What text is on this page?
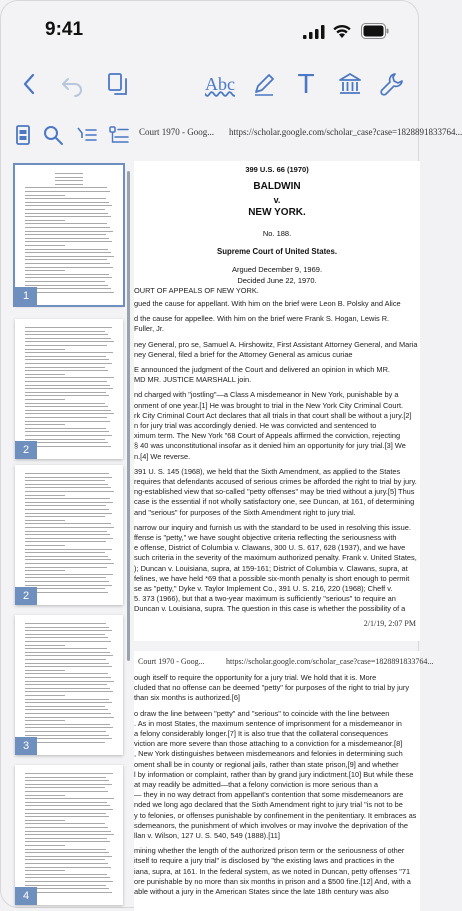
9:41
Abc T
Court 1970 - Goog... https://scholar.google.com/scholar_case?case=1828891833764...
1
2
2
3
4
399 U.S. 66 (1970)
BALDWIN
v.
NEW YORK.
No. 188.
Supreme Court of United States.
Argued December 9, 1969.
Decided June 22, 1970.
OURT OF APPEALS OF NEW YORK.
gued the cause for appellant. With him on the brief were Leon B. Polsky and Alice
d the cause for appellee. With him on the brief were Frank S. Hogan, Lewis R.
Fuller, Jr.
ney General, pro se, Samuel A. Hirshowitz, First Assistant Attorney General, and Maria
ney General, filed a brief for the Attorney General as amicus curiae
E announced the judgment of the Court and delivered an opinion in which MR.
MD MR. JUSTICE MARSHALL join.
nd charged with "jostling"—a Class A misdemeanor in New York, punishable by a
onment of one year.[1] He was brought to trial in the New York City Criminal Court.
rk City Criminal Court Act declares that all trials in that court shall be without a jury.[2]
n for jury trial was accordingly denied. He was convicted and sentenced to
ximum term. The New York "68 Court of Appeals affirmed the conviction, rejecting
§ 40 was unconstitutional insofar as it denied him an opportunity for jury trial.[3] We
n.[4] We reverse.
391 U. S. 145 (1968), we held that the Sixth Amendment, as applied to the States
requires that defendants accused of serious crimes be afforded the right to trial by jury.
ng-established view that so-called "petty offenses" may be tried without a jury.[5] Thus
case is the essential if not wholly satisfactory one, see Duncan, at 161, of determining
and "serious" for purposes of the Sixth Amendment right to jury trial.
narrow our inquiry and furnish us with the standard to be used in resolving this issue.
ffense is "petty," we have sought objective criteria reflecting the seriousness with
e offense, District of Columbia v. Clawans, 300 U. S. 617, 628 (1937), and we have
such criteria in the severity of the maximum authorized penalty. Frank v. United States,
); Duncan v. Louisiana, supra, at 159-161; District of Columbia v. Clawans, supra, at
felines, we have held *69 that a possible six-month penalty is short enough to permit
se as "petty," Dyke v. Taylor Implement Co., 391 U. S. 216, 220 (1968); Cheff v.
5. 373 (1966), but that a two-year maximum is sufficiently "serious" to require an
Duncan v. Louisiana, supra. The question in this case is whether the possibility of a
2/1/19, 2:07 PM
Court 1970 - Goog...	https://scholar.google.com/scholar_case?case=1828891833764...
ough itself to require the opportunity for a jury trial. We hold that it is. More
cluded that no offense can be deemed "petty" for purposes of the right to trial by jury
than six months is authorized.[6]
o draw the line between "petty" and "serious" to coincide with the line between
. As in most States, the maximum sentence of imprisonment for a misdemeanor in
a felony considerably longer.[7] It is also true that the collateral consequences
viction are more severe than those attaching to a conviction for a misdemeanor.[8]
, New York distinguishes between misdemeanors and felonies in determining such
oment shall be in county or regional jails, rather than state prison,[9] and whether
l by information or complaint, rather than by grand jury indictment.[10] But while these
at may readily be admitted—that a felony conviction is more serious than a
— they in no way detract from appellant's contention that some misdemeanors are
nded we long ago declared that the Sixth Amendment right to jury trial "is not to be
y to felonies, or offenses punishable by confinement in the penitentiary. It embraces as
sdemeanors, the punishment of which involves or may involve the deprivation of the
llan v. Wilson, 127 U. S. 540, 549 (1888).[11]
mining whether the length of the authorized prison term or the seriousness of other
itself to require a jury trial" is disclosed by "the existing laws and practices in the
iana, supra, at 161. In the federal system, as we noted in Duncan, petty offenses "71
ore punishable by no more than six months in prison and a $500 fine.[12] And, with a
able without a jury in the American States since the late 18th century was also
